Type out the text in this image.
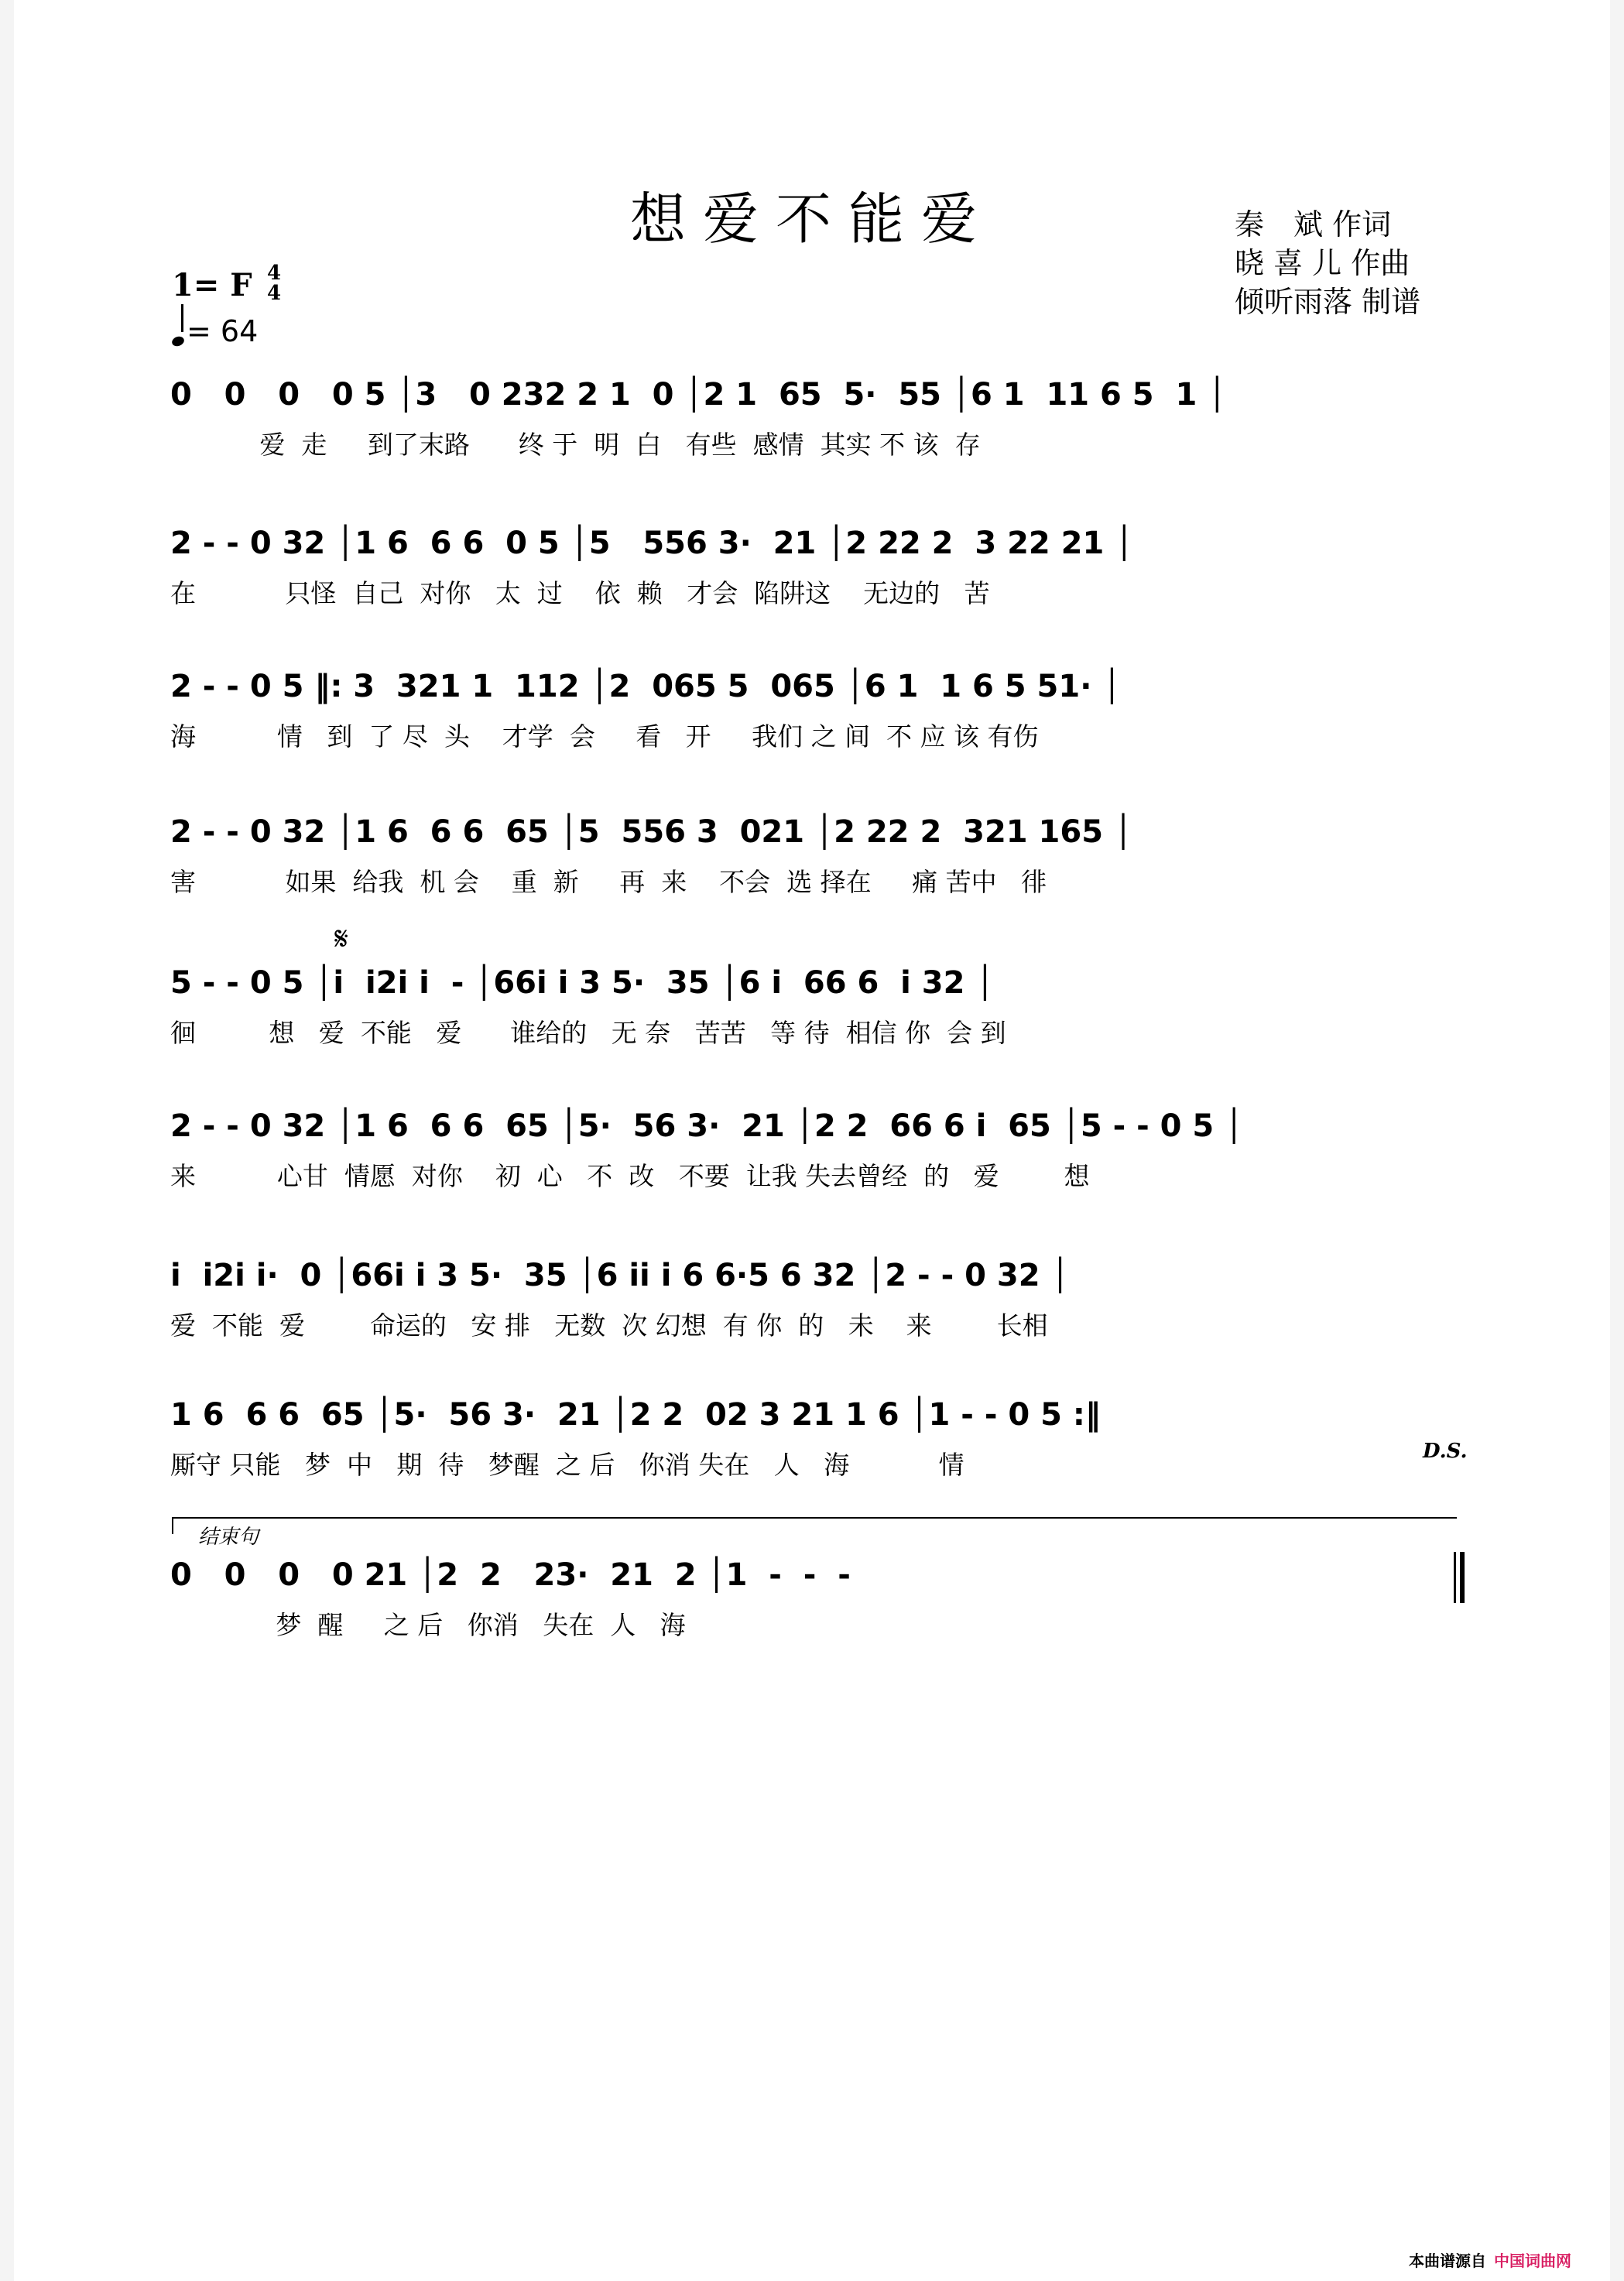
想爱不能爱	秦　斌 作词
晓 喜 儿 作曲
倾听雨落 制谱
1= F 4
4
= 64
0   0   0   0 5 │3   0 232 2 1  0 │2 1  65  5·  55 │6 1  11 6 5  1 │
爱  走     到了末路      终 于  明  白   有些  感情  其实 不 该  存
2 - - 0 32 │1 6  6 6  0 5 │5   556 3·  21 │2 22 2  3 22 21 │
在           只怪  自己  对你   太  过    依  赖   才会  陷阱这    无边的   苦
2 - - 0 5 ‖: 3  321 1  112 │2  065 5  065 │6 1  1 6 5 51· │
海          情   到  了 尽  头    才学  会     看   开     我们 之 间  不 应 该 有伤
2 - - 0 32 │1 6  6 6  65 │5  556 3  021 │2 22 2  321 165 │
害           如果  给我  机 会    重  新     再  来    不会  选 择在     痛 苦中   徘
𝄋
5 - - 0 5 │i  i2i i  - │66i i 3 5·  35 │6 i  66 6  i 32 │
徊         想   爱  不能   爱      谁给的   无 奈   苦苦   等 待  相信 你  会 到
2 - - 0 32 │1 6  6 6  65 │5·  56 3·  21 │2 2  66 6 i  65 │5 - - 0 5 │
来          心甘  情愿  对你    初  心   不  改   不要  让我 失去曾经  的   爱        想
i  i2i i·  0 │66i i 3 5·  35 │6 ii i 6 6·5 6 32 │2 - - 0 32 │
爱  不能  爱        命运的   安 排   无数  次 幻想  有 你  的   未    来        长相
1 6  6 6  65 │5·  56 3·  21 │2 2  02 3 21 1 6 │1 - - 0 5 :‖
厮守 只能   梦  中   期  待   梦醒  之 后   你消 失在   人   海           情	D.S.
结束句
0   0   0   0 21 │2  2   23·  21  2 │1  -  -  -
梦  醒     之 后   你消   失在  人   海
本曲谱源自 中国词曲网
